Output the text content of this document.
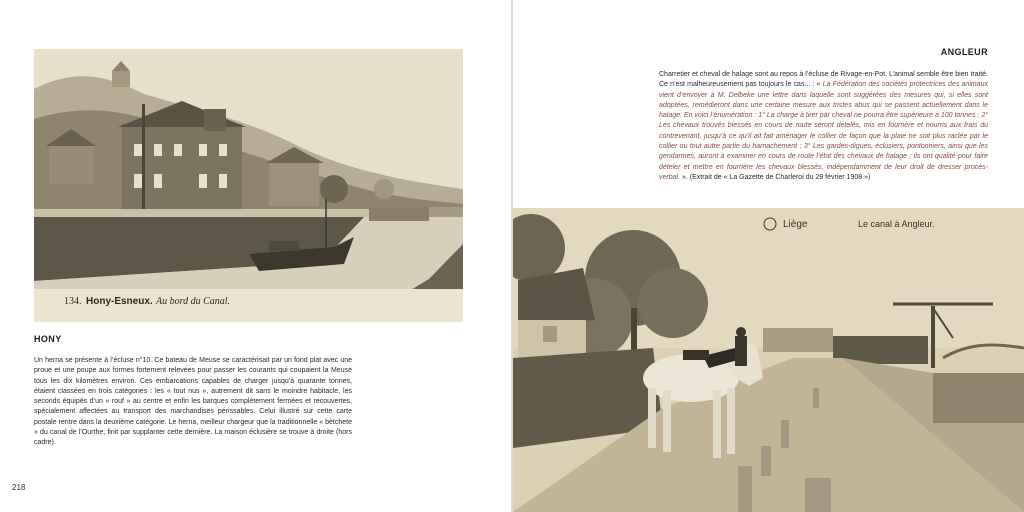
134. Hony-Esneux. Au bord du Canal.
HONY
Un herna se présente à l’écluse n°10. Ce bateau de Meuse se caractérisait par un fond plat avec une proue et une poupe aux formes fortement relevées pour passer les courants qui coupaient la Meuse tous les dix kilomètres environ. Ces embarcations capables de charger jusqu’à quarante tonnes, étaient classées en trois catégories : les « tout nus », autrement dit sans le moindre habitacle, les seconds équipés d’un « rouf » au centre et enfin les barques complètement fermées et recouvertes, spécialement affectées au transport des marchandises périssables. Celui illustré sur cette carte postale rentre dans la deuxième catégorie. Le herna, meilleur chargeur que la traditionnelle « bètchete » du canal de l’Ourthe, finit par supplanter cette dernière. La maison éclusière se trouve à droite (hors cadre).
218
ANGLEUR
Charretier et cheval de halage sont au repos à l’écluse de Rivage-en-Pot. L’animal semble être bien traité. Ce n’est malheureusement pas toujours le cas... : « La Fédération des sociétés protectrices des animaux vient d’envoyer à M. Delbeke une lettre dans laquelle sont suggérées des mesures qui, si elles sont adoptées, remédieront dans une certaine mesure aux tristes abus qui se passent actuellement dans le halage. En voici l’énumération : 1° La charge à tirer par cheval ne pourra être supérieure à 100 tonnes ; 2° Les chevaux trouvés blessés en cours de route seront dételés, mis en fourrière et nourris aux frais du contrevenant, jusqu’à ce qu’il ait fait aménager le collier de façon que la plaie ne soit plus raclée par le collier ou tout autre partie du harnachement ; 3° Les gardes-digues, éclusiers, pontonniers, ainsi que les gendarmes, auront à examiner en cours de route l’état des chevaux de halage ; ils ont qualité pour faire dételer et mettre en fourrière les chevaux blessés, indépendamment de leur droit de dresser procès-verbal. ». (Extrait de « La Gazette de Charleroi du 29 février 1908 »)
Liège	Le canal à Angleur.
